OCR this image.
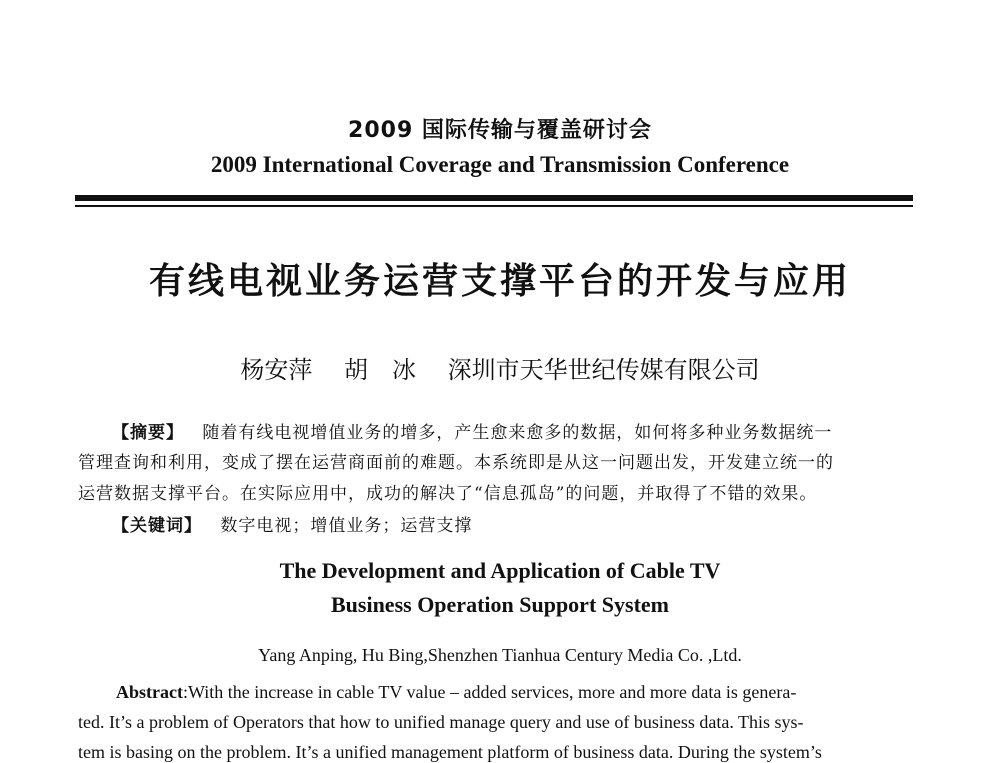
2009 国际传输与覆盖研讨会
2009 International Coverage and Transmission Conference
有线电视业务运营支撑平台的开发与应用
杨安萍 胡　冰 深圳市天华世纪传媒有限公司
【摘要】 随着有线电视增值业务的增多，产生愈来愈多的数据，如何将多种业务数据统一
管理查询和利用，变成了摆在运营商面前的难题。本系统即是从这一问题出发，开发建立统一的
运营数据支撑平台。在实际应用中，成功的解决了“信息孤岛”的问题，并取得了不错的效果。
【关键词】 数字电视；增值业务；运营支撑
The Development and Application of Cable TV
Business Operation Support System
Yang Anping, Hu Bing,Shenzhen Tianhua Century Media Co. ,Ltd.
Abstract:With the increase in cable TV value – added services, more and more data is genera-
ted. It’s a problem of Operators that how to unified manage query and use of business data. This sys-
tem is basing on the problem. It’s a unified management platform of business data. During the system’s
